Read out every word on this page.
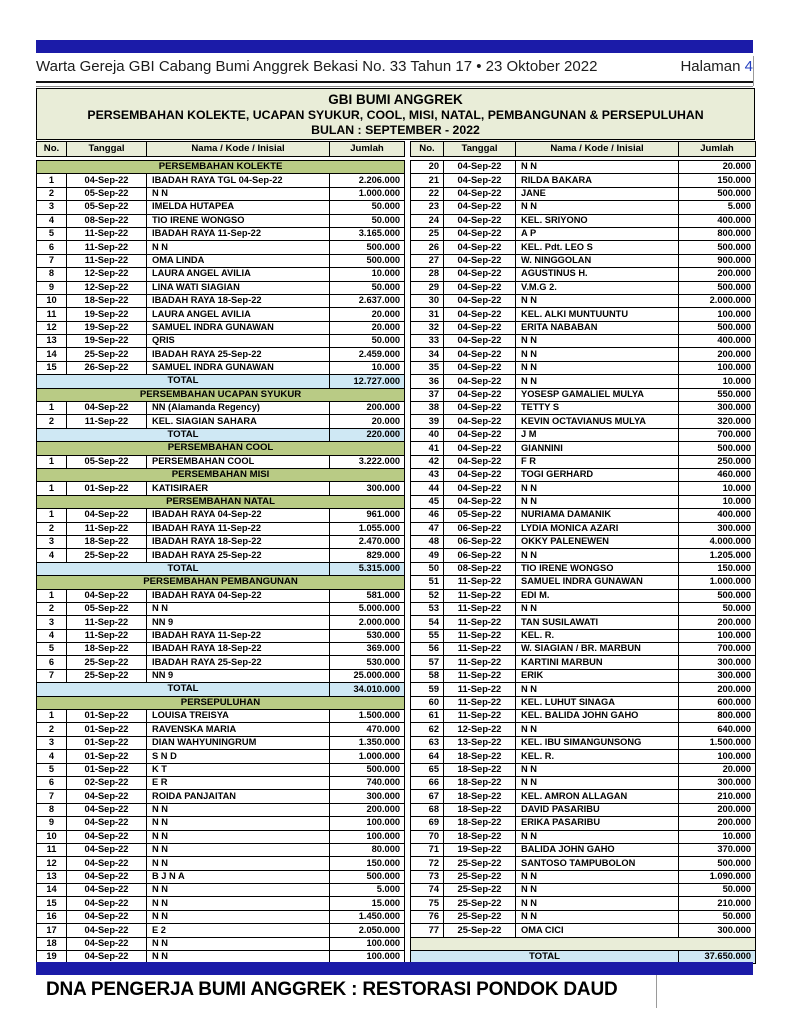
Warta Gereja GBI Cabang Bumi Anggrek Bekasi No. 33 Tahun 17 • 23 Oktober 2022	Halaman 4
GBI BUMI ANGGREK
PERSEMBAHAN KOLEKTE, UCAPAN SYUKUR, COOL, MISI, NATAL, PEMBANGUNAN & PERSEPULUHAN
BULAN : SEPTEMBER - 2022
No.	Tanggal	Nama / Kode / Inisial	Jumlah
PERSEMBAHAN KOLEKTE			
1	04-Sep-22	IBADAH RAYA TGL 04-Sep-22	2.206.000
2	05-Sep-22	N N	1.000.000
3	05-Sep-22	IMELDA HUTAPEA	50.000
4	08-Sep-22	TIO IRENE WONGSO	50.000
5	11-Sep-22	IBADAH RAYA 11-Sep-22	3.165.000
6	11-Sep-22	N N	500.000
7	11-Sep-22	OMA LINDA	500.000
8	12-Sep-22	LAURA ANGEL AVILIA	10.000
9	12-Sep-22	LINA WATI SIAGIAN	50.000
10	18-Sep-22	IBADAH RAYA 18-Sep-22	2.637.000
11	19-Sep-22	LAURA ANGEL AVILIA	20.000
12	19-Sep-22	SAMUEL INDRA GUNAWAN	20.000
13	19-Sep-22	QRIS	50.000
14	25-Sep-22	IBADAH RAYA 25-Sep-22	2.459.000
15	26-Sep-22	SAMUEL INDRA GUNAWAN	10.000
TOTAL			12.727.000
PERSEMBAHAN UCAPAN SYUKUR			
1	04-Sep-22	NN (Alamanda Regency)	200.000
2	11-Sep-22	KEL. SIAGIAN SAHARA	20.000
TOTAL			220.000
PERSEMBAHAN COOL			
1	05-Sep-22	PERSEMBAHAN COOL	3.222.000
PERSEMBAHAN MISI			
1	01-Sep-22	KATISIRAER	300.000
PERSEMBAHAN NATAL			
1	04-Sep-22	IBADAH RAYA 04-Sep-22	961.000
2	11-Sep-22	IBADAH RAYA 11-Sep-22	1.055.000
3	18-Sep-22	IBADAH RAYA 18-Sep-22	2.470.000
4	25-Sep-22	IBADAH RAYA 25-Sep-22	829.000
TOTAL			5.315.000
PERSEMBAHAN PEMBANGUNAN			
1	04-Sep-22	IBADAH RAYA 04-Sep-22	581.000
2	05-Sep-22	N N	5.000.000
3	11-Sep-22	NN 9	2.000.000
4	11-Sep-22	IBADAH RAYA 11-Sep-22	530.000
5	18-Sep-22	IBADAH RAYA 18-Sep-22	369.000
6	25-Sep-22	IBADAH RAYA 25-Sep-22	530.000
7	25-Sep-22	NN 9	25.000.000
TOTAL			34.010.000
PERSEPULUHAN			
1	01-Sep-22	LOUISA TREISYA	1.500.000
2	01-Sep-22	RAVENSKA MARIA	470.000
3	01-Sep-22	DIAN WAHYUNINGRUM	1.350.000
4	01-Sep-22	S N D	1.000.000
5	01-Sep-22	K T	500.000
6	02-Sep-22	E R	740.000
7	04-Sep-22	ROIDA PANJAITAN	300.000
8	04-Sep-22	N N	200.000
9	04-Sep-22	N N	100.000
10	04-Sep-22	N N	100.000
11	04-Sep-22	N N	80.000
12	04-Sep-22	N N	150.000
13	04-Sep-22	B J N A	500.000
14	04-Sep-22	N N	5.000
15	04-Sep-22	N N	15.000
16	04-Sep-22	N N	1.450.000
17	04-Sep-22	E 2	2.050.000
18	04-Sep-22	N N	100.000
19	04-Sep-22	N N	100.000
No.	Tanggal	Nama / Kode / Inisial	Jumlah
20	04-Sep-22	N N	20.000
21	04-Sep-22	RILDA BAKARA	150.000
22	04-Sep-22	JANE	500.000
23	04-Sep-22	N N	5.000
24	04-Sep-22	KEL. SRIYONO	400.000
25	04-Sep-22	A P	800.000
26	04-Sep-22	KEL. Pdt. LEO S	500.000
27	04-Sep-22	W. NINGGOLAN	900.000
28	04-Sep-22	AGUSTINUS H.	200.000
29	04-Sep-22	V.M.G 2.	500.000
30	04-Sep-22	N N	2.000.000
31	04-Sep-22	KEL. ALKI MUNTUUNTU	100.000
32	04-Sep-22	ERITA NABABAN	500.000
33	04-Sep-22	N N	400.000
34	04-Sep-22	N N	200.000
35	04-Sep-22	N N	100.000
36	04-Sep-22	N N	10.000
37	04-Sep-22	YOSESP GAMALIEL MULYA	550.000
38	04-Sep-22	TETTY S	300.000
39	04-Sep-22	KEVIN OCTAVIANUS MULYA	320.000
40	04-Sep-22	J M	700.000
41	04-Sep-22	GIANNINI	500.000
42	04-Sep-22	F R	250.000
43	04-Sep-22	TOGI GERHARD	460.000
44	04-Sep-22	N N	10.000
45	04-Sep-22	N N	10.000
46	05-Sep-22	NURIAMA DAMANIK	400.000
47	06-Sep-22	LYDIA MONICA AZARI	300.000
48	06-Sep-22	OKKY PALENEWEN	4.000.000
49	06-Sep-22	N N	1.205.000
50	08-Sep-22	TIO IRENE WONGSO	150.000
51	11-Sep-22	SAMUEL INDRA GUNAWAN	1.000.000
52	11-Sep-22	EDI M.	500.000
53	11-Sep-22	N N	50.000
54	11-Sep-22	TAN SUSILAWATI	200.000
55	11-Sep-22	KEL. R.	100.000
56	11-Sep-22	W. SIAGIAN / BR. MARBUN	700.000
57	11-Sep-22	KARTINI MARBUN	300.000
58	11-Sep-22	ERIK	300.000
59	11-Sep-22	N N	200.000
60	11-Sep-22	KEL. LUHUT SINAGA	600.000
61	11-Sep-22	KEL. BALIDA JOHN GAHO	800.000
62	12-Sep-22	N N	640.000
63	13-Sep-22	KEL. IBU SIMANGUNSONG	1.500.000
64	18-Sep-22	KEL. R.	100.000
65	18-Sep-22	N N	20.000
66	18-Sep-22	N N	300.000
67	18-Sep-22	KEL. AMRON ALLAGAN	210.000
68	18-Sep-22	DAVID PASARIBU	200.000
69	18-Sep-22	ERIKA PASARIBU	200.000
70	18-Sep-22	N N	10.000
71	19-Sep-22	BALIDA JOHN GAHO	370.000
72	25-Sep-22	SANTOSO TAMPUBOLON	500.000
73	25-Sep-22	N N	1.090.000
74	25-Sep-22	N N	50.000
75	25-Sep-22	N N	210.000
76	25-Sep-22	N N	50.000
77	25-Sep-22	OMA CICI	300.000

TOTAL			37.650.000
DNA PENGERJA BUMI ANGGREK : RESTORASI PONDOK DAUD
